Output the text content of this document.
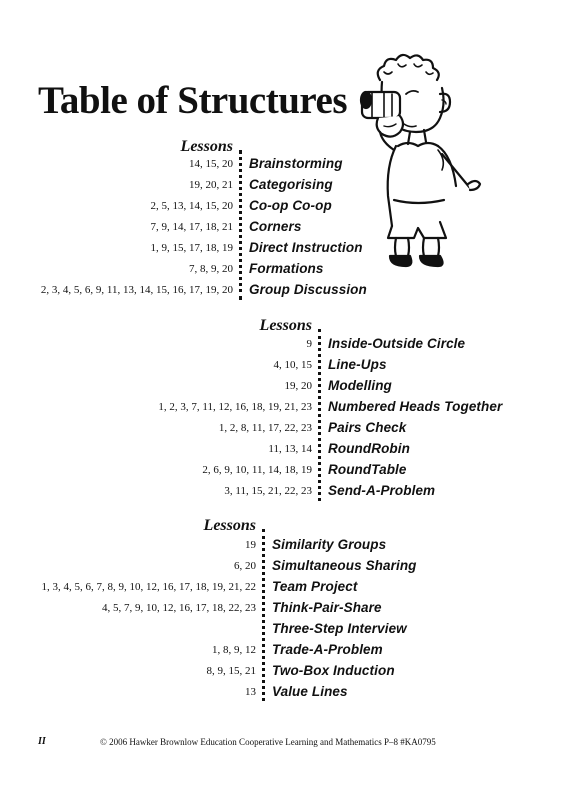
Table of Structures
Lessons
14, 15, 20 Brainstorming
19, 20, 21 Categorising
2, 5, 13, 14, 15, 20 Co-op Co-op
7, 9, 14, 17, 18, 21 Corners
1, 9, 15, 17, 18, 19 Direct Instruction
7, 8, 9, 20 Formations
2, 3, 4, 5, 6, 9, 11, 13, 14, 15, 16, 17, 19, 20 Group Discussion
Lessons
9 Inside-Outside Circle
4, 10, 15 Line-Ups
19, 20 Modelling
1, 2, 3, 7, 11, 12, 16, 18, 19, 21, 23 Numbered Heads Together
1, 2, 8, 11, 17, 22, 23 Pairs Check
11, 13, 14 RoundRobin
2, 6, 9, 10, 11, 14, 18, 19 RoundTable
3, 11, 15, 21, 22, 23 Send-A-Problem
Lessons
19 Similarity Groups
6, 20 Simultaneous Sharing
1, 3, 4, 5, 6, 7, 8, 9, 10, 12, 16, 17, 18, 19, 21, 22 Team Project
4, 5, 7, 9, 10, 12, 16, 17, 18, 22, 23 Think-Pair-Share
Three-Step Interview
1, 8, 9, 12 Trade-A-Problem
8, 9, 15, 21 Two-Box Induction
13 Value Lines
II	© 2006 Hawker Brownlow Education Cooperative Learning and Mathematics P–8 #KA0795
